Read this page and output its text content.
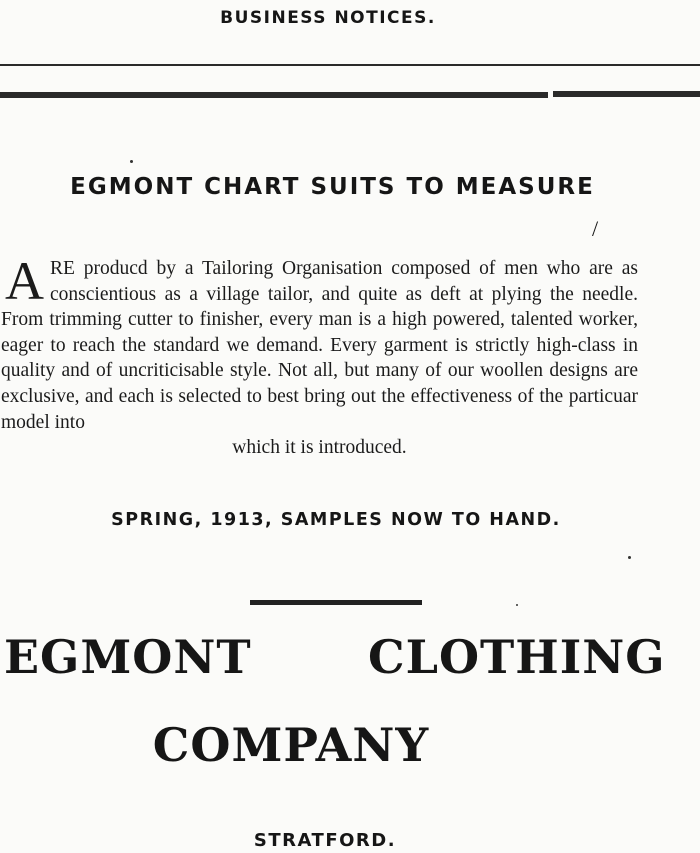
BUSINESS NOTICES.
/
EGMONT CHART SUITS TO MEASURE
ARE producd by a Tailoring Organisation composed of men who are as conscientious as a village tailor, and quite as deft at plying the needle. From trimming cutter to finisher, every man is a high powered, talented worker, eager to reach the standard we demand. Every garment is strictly high-class in quality and of uncriticisable style. Not all, but many of our woollen designs are exclusive, and each is selected to best bring out the effectiveness of the particuar model into
which it is introduced.
SPRING, 1913, SAMPLES NOW TO HAND.
EGMONT	CLOTHING
COMPANY
STRATFORD.
